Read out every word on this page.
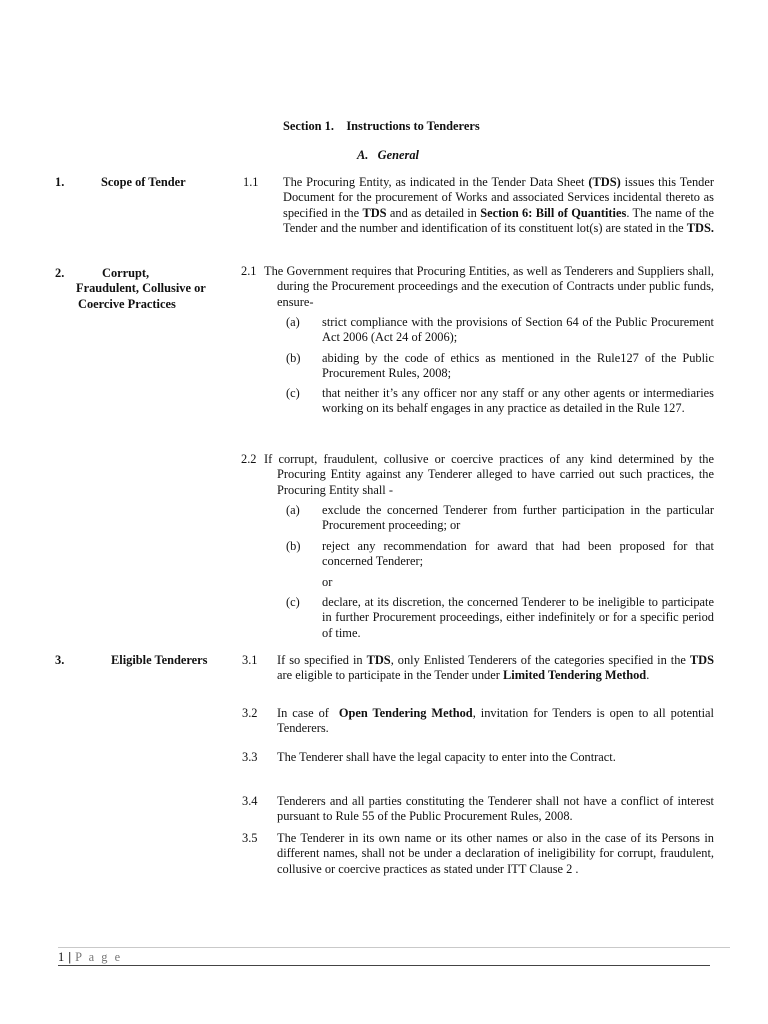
Section 1.    Instructions to Tenderers
A.   General
1.	Scope of Tender	1.1 The Procuring Entity, as indicated in the Tender Data Sheet (TDS) issues this Tender Document for the procurement of Works and associated Services incidental thereto as specified in the TDS and as detailed in Section 6: Bill of Quantities. The name of the Tender and the number and identification of its constituent lot(s) are stated in the TDS.

2.	Corrupt,
Fraudulent, Collusive or
Coercive Practices
2.1 The Government requires that Procuring Entities, as well as Tenderers and Suppliers shall, during the Procurement proceedings and the execution of Contracts under public funds, ensure-

(a) strict compliance with the provisions of Section 64 of the Public Procurement Act 2006 (Act 24 of 2006);

(b) abiding by the code of ethics as mentioned in the Rule127 of the Public Procurement Rules, 2008;

(c) that neither it’s any officer nor any staff or any other agents or intermediaries working on its behalf engages in any practice as detailed in the Rule 127.

2.2 If corrupt, fraudulent, collusive or coercive practices of any kind determined by the Procuring Entity against any Tenderer alleged to have carried out such practices, the Procuring Entity shall -

(a) exclude the concerned Tenderer from further participation in the particular Procurement proceeding; or

(b) reject any recommendation for award that had been proposed for that concerned Tenderer;

or

(c) declare, at its discretion, the concerned Tenderer to be ineligible to participate in further Procurement proceedings, either indefinitely or for a specific period of time.

3.	Eligible Tenderers	3.1 If so specified in TDS, only Enlisted Tenderers of the categories specified in the TDS are eligible to participate in the Tender under Limited Tendering Method.

3.2 In case of  Open Tendering Method, invitation for Tenders is open to all potential Tenderers.

3.3 The Tenderer shall have the legal capacity to enter into the Contract.

3.4 Tenderers and all parties constituting the Tenderer shall not have a conflict of interest pursuant to Rule 55 of the Public Procurement Rules, 2008.

3.5 The Tenderer in its own name or its other names or also in the case of its Persons in different names, shall not be under a declaration of ineligibility for corrupt, fraudulent, collusive or coercive practices as stated under ITT Clause 2 .

1 | P a g e
